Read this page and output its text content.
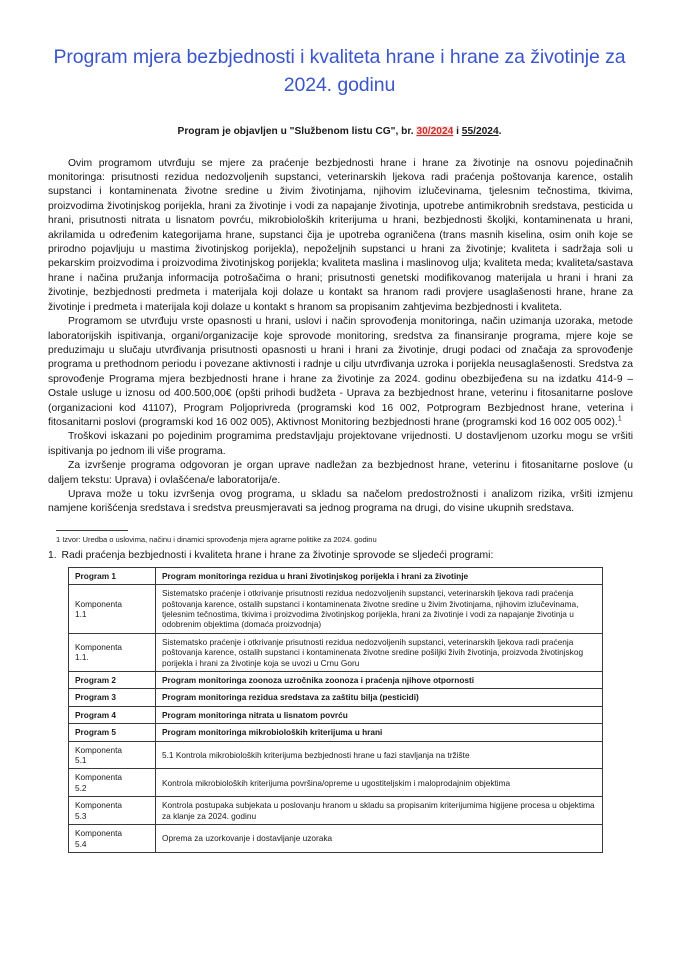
Program mjera bezbjednosti i kvaliteta hrane i hrane za životinje za 2024. godinu

Program je objavljen u "Službenom listu CG", br. 30/2024 i 55/2024.

Ovim programom utvrđuju se mjere za praćenje bezbjednosti hrane i hrane za životinje na osnovu pojedinačnih monitoringa: prisutnosti rezidua nedozvoljenih supstanci, veterinarskih ljekova radi praćenja poštovanja karence, ostalih supstanci i kontaminenata životne sredine u živim životinjama, njihovim izlučevinama, tjelesnim tečnostima, tkivima, proizvodima životinjskog porijekla, hrani za životinje i vodi za napajanje životinja, upotrebe antimikrobnih sredstava, pesticida u hrani, prisutnosti nitrata u lisnatom povrću, mikrobioloških kriterijuma u hrani, bezbjednosti školjki, kontaminenata u hrani, akrilamida u određenim kategorijama hrane, supstanci čija je upotreba ograničena (trans masnih kiselina, osim onih koje se prirodno pojavljuju u mastima životinjskog porijekla), nepoželjnih supstanci u hrani za životinje; kvaliteta i sadržaja soli u pekarskim proizvodima i proizvodima životinjskog porijekla; kvaliteta maslina i maslinovog ulja; kvaliteta meda; kvaliteta/sastava hrane i načina pružanja informacija potrošačima o hrani; prisutnosti genetski modifikovanog materijala u hrani i hrani za životinje, bezbjednosti predmeta i materijala koji dolaze u kontakt sa hranom radi provjere usaglašenosti hrane, hrane za životinje i predmeta i materijala koji dolaze u kontakt s hranom sa propisanim zahtjevima bezbjednosti i kvaliteta.

Programom se utvrđuju vrste opasnosti u hrani, uslovi i način sprovođenja monitoringa, način uzimanja uzoraka, metode laboratorijskih ispitivanja, organi/organizacije koje sprovode monitoring, sredstva za finansiranje programa, mjere koje se preduzimaju u slučaju utvrđivanja prisutnosti opasnosti u hrani i hrani za životinje, drugi podaci od značaja za sprovođenje programa u prethodnom periodu i povezane aktivnosti i radnje u cilju utvrđivanja uzroka i porijekla neusaglašenosti. Sredstva za sprovođenje Programa mjera bezbjednosti hrane i hrane za životinje za 2024. godinu obezbijeđena su na izdatku 414-9 – Ostale usluge u iznosu od 400.500,00€ (opšti prihodi budžeta - Uprava za bezbjednost hrane, veterinu i fitosanitarne poslove (organizacioni kod 41107), Program Poljoprivreda (programski kod 16 002, Potprogram Bezbjednost hrane, veterina i fitosanitarni poslovi (programski kod 16 002 005), Aktivnost Monitoring bezbjednosti hrane (programski kod 16 002 005 002).$^1$

Troškovi iskazani po pojedinim programima predstavljaju projektovane vrijednosti. U dostavljenom uzorku mogu se vršiti ispitivanja po jednom ili više programa.

Za izvršenje programa odgovoran je organ uprave nadležan za bezbjednost hrane, veterinu i fitosanitarne poslove (u daljem tekstu: Uprava) i ovlašćena/e laboratorija/e.

Uprava može u toku izvršenja ovog programa, u skladu sa načelom predostrožnosti i analizom rizika, vršiti izmjenu namjene korišćenja sredstava i sredstva preusmjeravati sa jednog programa na drugi, do visine ukupnih sredstava.

1 Izvor: Uredba o uslovima, načinu i dinamici sprovođenja mjera agrarne politike za 2024. godinu

1. Radi praćenja bezbjednosti i kvaliteta hrane i hrane za životinje sprovode se sljedeći programi:
Program 1	Program monitoringa rezidua u hrani životinjskog porijekla i hrani za životinje

Komponenta
1.1	Sistematsko praćenje i otkrivanje prisutnosti rezidua nedozvoljenih supstanci, veterinarskih ljekova radi praćenja poštovanja karence, ostalih supstanci i kontaminenata životne sredine u živim životinjama, njihovim izlučevinama, tjelesnim tečnostima, tkivima i proizvodima životinjskog porijekla, hrani za životinje i vodi za napajanje životinja u odobrenim objektima (domaća proizvodnja)

Komponenta
1.1.	Sistematsko praćenje i otkrivanje prisutnosti rezidua nedozvoljenih supstanci, veterinarskih ljekova radi praćenja poštovanja karence, ostalih supstanci i kontaminenata životne sredine pošiljki živih životinja, proizvoda životinjskog porijekla i hrani za životinje koja se uvozi u Crnu Goru
Program 2	Program monitoringa zoonoza uzročnika zoonoza i praćenja njihove otpornosti
Program 3	Program monitoringa rezidua sredstava za zaštitu bilja (pesticidi)
Program 4	Program monitoringa nitrata u lisnatom povrću
Program 5	Program monitoringa mikrobioloških kriterijuma u hrani

Komponenta
5.1	5.1 Kontrola mikrobioloških kriterijuma bezbjednosti hrane u fazi stavljanja na tržište

Komponenta
5.2	Kontrola mikrobioloških kriterijuma površina/opreme u ugostiteljskim i maloprodajnim objektima

Komponenta
5.3	Kontrola postupaka subjekata u poslovanju hranom u skladu sa propisanim kriterijumima higijene procesa u objektima za klanje za 2024. godinu

Komponenta
5.4	Oprema za uzorkovanje i dostavljanje uzoraka
